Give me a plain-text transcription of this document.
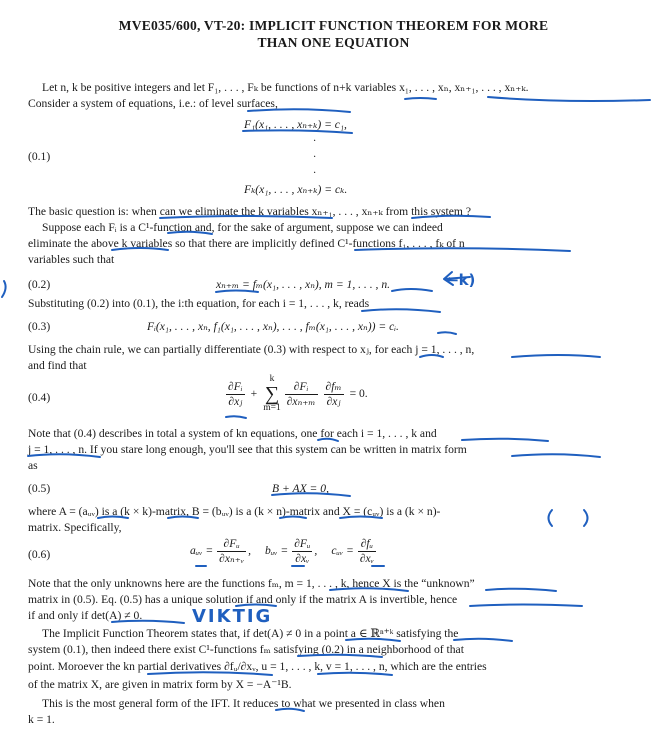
MVE035/600, VT-20: IMPLICIT FUNCTION THEOREM FOR MORE
THAN ONE EQUATION
Let n, k be positive integers and let F₁, . . . , Fₖ be functions of n+k variables x₁, . . . , xₙ, xₙ₊₁, . . . , xₙ₊ₖ.
Consider a system of equations, i.e.: of level surfaces,
(0.1)
F₁(x₁, . . . , xₙ₊ₖ) = c₁,
·
·
·
Fₖ(x₁, . . . , xₙ₊ₖ) = cₖ.
The basic question is: when can we eliminate the k variables xₙ₊₁, . . . , xₙ₊ₖ from this system ?
Suppose each Fᵢ is a C¹-function and, for the sake of argument, suppose we can indeed
eliminate the above k variables so that there are implicitly defined C¹-functions f₁, . . . , fₖ of n
variables such that
(0.2)	xₙ₊ₘ = fₘ(x₁, . . . , xₙ), m = 1, . . . , n.
Substituting (0.2) into (0.1), the i:th equation, for each i = 1, . . . , k, reads
(0.3)	Fᵢ(x₁, . . . , xₙ, f₁(x₁, . . . , xₙ), . . . , fₘ(x₁, . . . , xₙ)) = cᵢ.
Using the chain rule, we can partially differentiate (0.3) with respect to xⱼ, for each j = 1, . . . , n,
and find that
(0.4)	$\frac{\text{∂Fᵢ}}{\text{∂xⱼ}}$ +
k
∑
$m=1 \frac{\text{∂Fᵢ}}{\text{∂xₙ₊ₘ}} \frac{\text{∂fₘ}}{\text{∂xⱼ}} = 0$.
Note that (0.4) describes in total a system of kn equations, one for each i = 1, . . . , k and
j = 1, . . . , n. If you stare long enough, you'll see that this system can be written in matrix form
as
(0.5)	B + AX = 0,
where A = (aᵤᵥ) is a (k × k)-matrix, B = (bᵤᵥ) is a (k × n)-matrix and X = (cᵤᵥ) is a (k × n)-
matrix. Specifically,
(0.6)	aᵤᵥ = $\frac{\text{∂Fᵤ}}{\text{∂xₙ₊ᵥ}}$ , bᵤᵥ = $\frac{\text{∂Fᵤ}}{\text{∂xᵥ}}$ , cᵤᵥ = $\frac{\text{∂fᵤ}}{\text{∂xᵥ}}$
Note that the only unknowns here are the functions fₘ, m = 1, . . . , k, hence X is the “unknown”
matrix in (0.5). Eq. (0.5) has a unique solution if and only if the matrix A is invertible, hence
if and only if det(A) ≠ 0.
The Implicit Function Theorem states that, if det(A) ≠ 0 in a point a ∈ ℝⁿ⁺ᵏ satisfying the
system (0.1), then indeed there exist C¹-functions fₘ satisfying (0.2) in a neighborhood of that
point. Moroever the kn partial derivatives ∂fᵤ/∂xᵥ, u = 1, . . . , k, v = 1, . . . , n, which are the entries
of the matrix X, are given in matrix form by X = −A⁻¹B.
This is the most general form of the IFT. It reduces to what we presented in class when
k = 1.
←k)
VIKTIG
